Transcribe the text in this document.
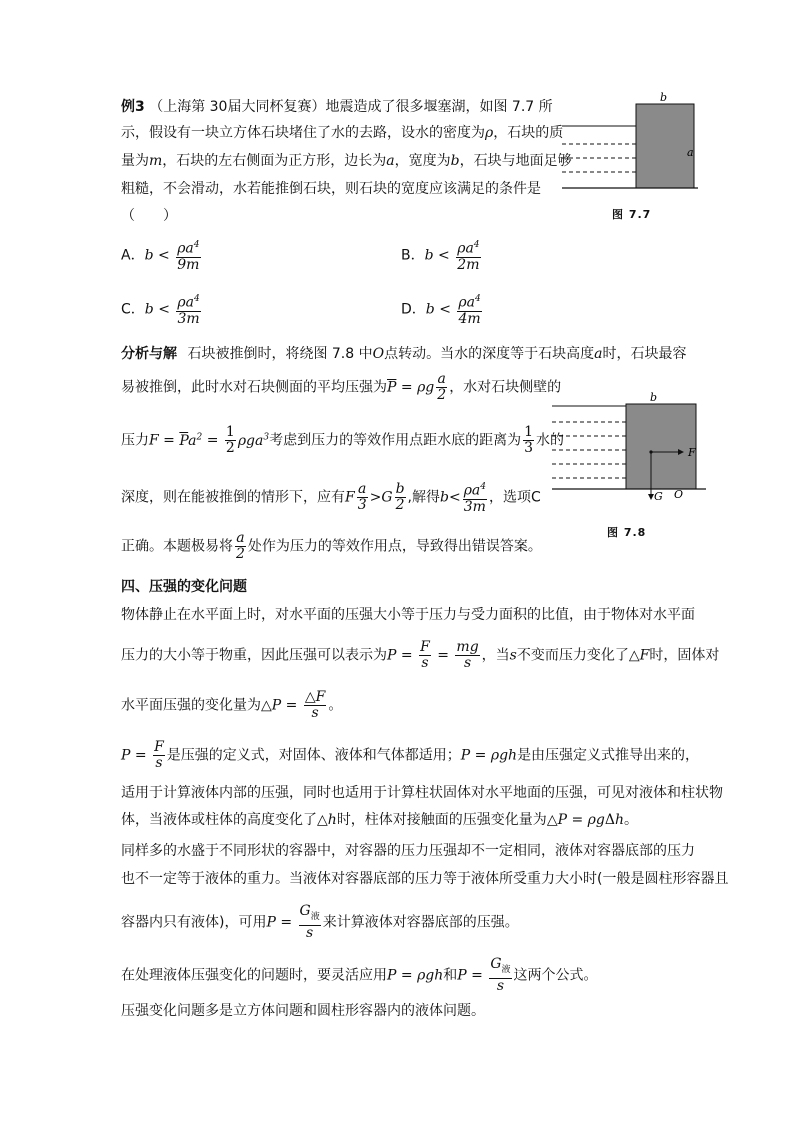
例3 （上海第 30届大同杯复赛）地震造成了很多堰塞湖，如图 7.7 所
示，假设有一块立方体石块堵住了水的去路，设水的密度为ρ，石块的质
量为m，石块的左右侧面为正方形，边长为a，宽度为b，石块与地面足够
粗糙，不会滑动，水若能推倒石块，则石块的宽度应该满足的条件是
（　　）
A．$b < \frac{\rho a^4}{9m}$	B．$b < \frac{\rho a^4}{2m}$
C．$b < \frac{\rho a^4}{3m}$	D．$b < \frac{\rho a^4}{4m}$
b
a
图 7.7
分析与解 石块被推倒时，将绕图 7.8 中O点转动。当水的深度等于石块高度a时，石块最容
易被推倒，此时水对石块侧面的平均压强为$\overline{P} = \rho g \frac{a}{2}$ ，水对石块侧壁的
压力$F = \overline{P}a^2 = \frac{1}{2} \rho ga^3$考虑到压力的等效作用点距水底的距离为 $\frac{1}{3}$ 水的
深度，则在能被推倒的情形下，应有F $\frac{a}{3} >G \frac{b}{2}$ ,解得$b< \frac{\rho a^4}{3m}$ ，选项C
正确。本题极易将 $\frac{a}{2}$ 处作为压力的等效作用点，导致得出错误答案。
b
F
G O
图 7.8
四、压强的变化问题
物体静止在水平面上时，对水平面的压强大小等于压力与受力面积的比值，由于物体对水平面
压力的大小等于物重，因此压强可以表示为$P = \frac{F}{s} = \frac{mg}{s}$ ，当s不变而压力变化了△F时，固体对
水平面压强的变化量为△P = $\frac{\triangle F}{s}$ 。
$P = \frac{F}{s}$ 是压强的定义式，对固体、液体和气体都适用；P = ρgh是由压强定义式推导出来的，
适用于计算液体内部的压强，同时也适用于计算柱状固体对水平地面的压强，可见对液体和柱状物
体，当液体或柱体的高度变化了△h时，柱体对接触面的压强变化量为△P = ρgΔh。
同样多的水盛于不同形状的容器中，对容器的压力压强却不一定相同，液体对容器底部的压力
也不一定等于液体的重力。当液体对容器底部的压力等于液体所受重力大小时(一般是圆柱形容器且
容器内只有液体)，可用$P = \frac{G_液}{s}$ 来计算液体对容器底部的压强。
在处理液体压强变化的问题时，要灵活应用P = ρgh和$P = \frac{G_液}{s}$ 这两个公式。
压强变化问题多是立方体问题和圆柱形容器内的液体问题。
